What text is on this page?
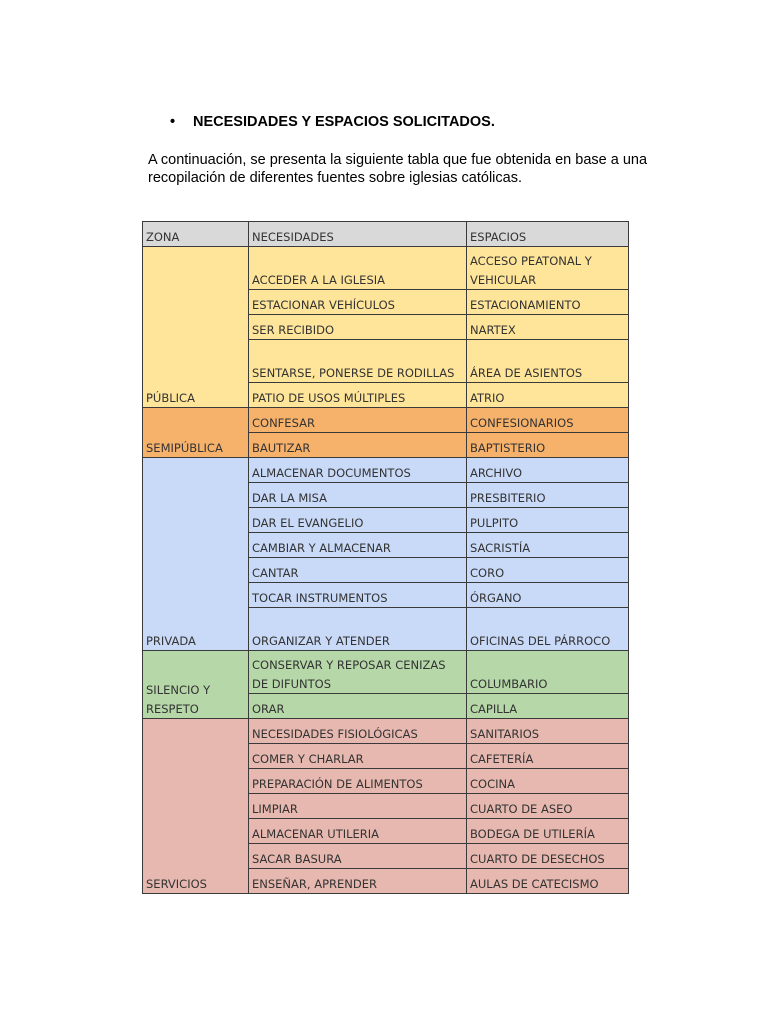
• NECESIDADES Y ESPACIOS SOLICITADOS.

A continuación, se presenta la siguiente tabla que fue obtenida en base a una recopilación de diferentes fuentes sobre iglesias católicas.

ZONA	NECESIDADES	ESPACIOS
PÚBLICA	ACCEDER A LA IGLESIA	ACCESO PEATONAL Y VEHICULAR
	ESTACIONAR VEHÍCULOS	ESTACIONAMIENTO
	SER RECIBIDO	NARTEX
	SENTARSE, PONERSE DE RODILLAS	ÁREA DE ASIENTOS
	PATIO DE USOS MÚLTIPLES	ATRIO
SEMIPÚBLICA	CONFESAR	CONFESIONARIOS
	BAUTIZAR	BAPTISTERIO
PRIVADA	ALMACENAR DOCUMENTOS	ARCHIVO
	DAR LA MISA	PRESBITERIO
	DAR EL EVANGELIO	PULPITO
	CAMBIAR Y ALMACENAR	SACRISTÍA
	CANTAR	CORO
	TOCAR INSTRUMENTOS	ÓRGANO
	ORGANIZAR Y ATENDER	OFICINAS DEL PÁRROCO
SILENCIO Y RESPETO	CONSERVAR Y REPOSAR CENIZAS DE DIFUNTOS	COLUMBARIO
	ORAR	CAPILLA
SERVICIOS	NECESIDADES FISIOLÓGICAS	SANITARIOS
	COMER Y CHARLAR	CAFETERÍA
	PREPARACIÓN DE ALIMENTOS	COCINA
	LIMPIAR	CUARTO DE ASEO
	ALMACENAR UTILERIA	BODEGA DE UTILERÍA
	SACAR BASURA	CUARTO DE DESECHOS
	ENSEÑAR, APRENDER	AULAS DE CATECISMO
